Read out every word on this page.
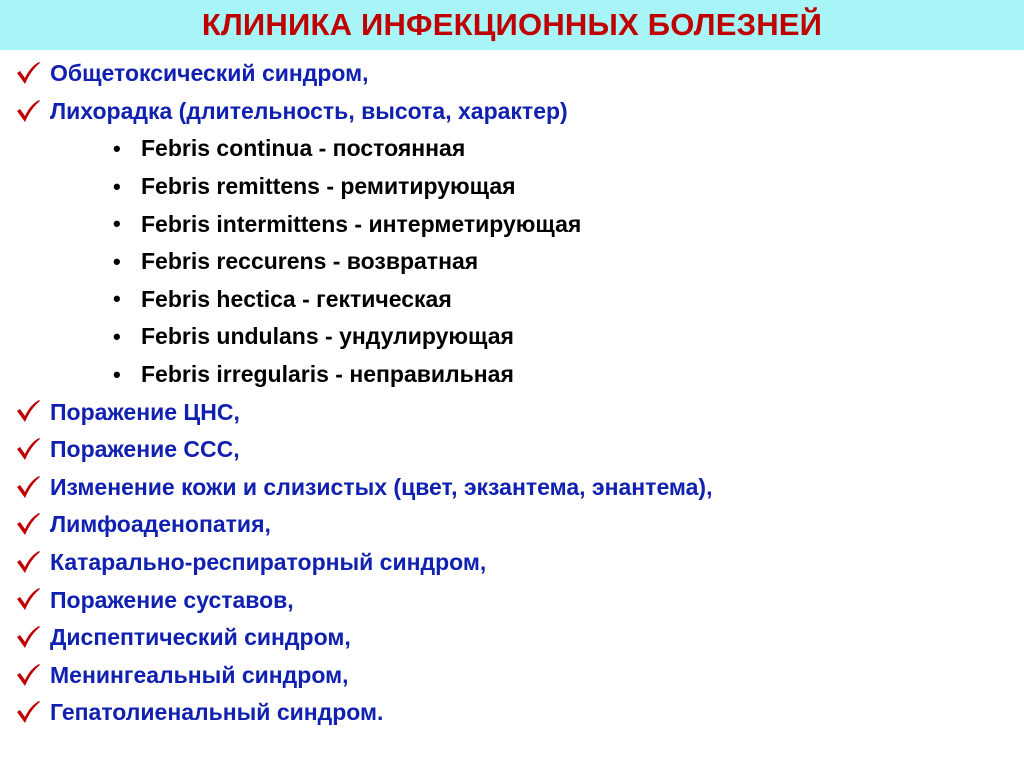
КЛИНИКА ИНФЕКЦИОННЫХ БОЛЕЗНЕЙ
Общетоксический синдром,
Лихорадка (длительность, высота, характер)
• Febris continua - постоянная
• Febris remittens - ремитирующая
• Febris intermittens - интерметирующая
• Febris reccurens - возвратная
• Febris hectica - гектическая
• Febris undulans - ундулирующая
• Febris irregularis - неправильная
Поражение ЦНС,
Поражение ССС,
Изменение кожи и слизистых (цвет, экзантема, энантема),
Лимфоаденопатия,
Катарально-респираторный синдром,
Поражение суставов,
Диспептический синдром,
Менингеальный синдром,
Гепатолиенальный синдром.
